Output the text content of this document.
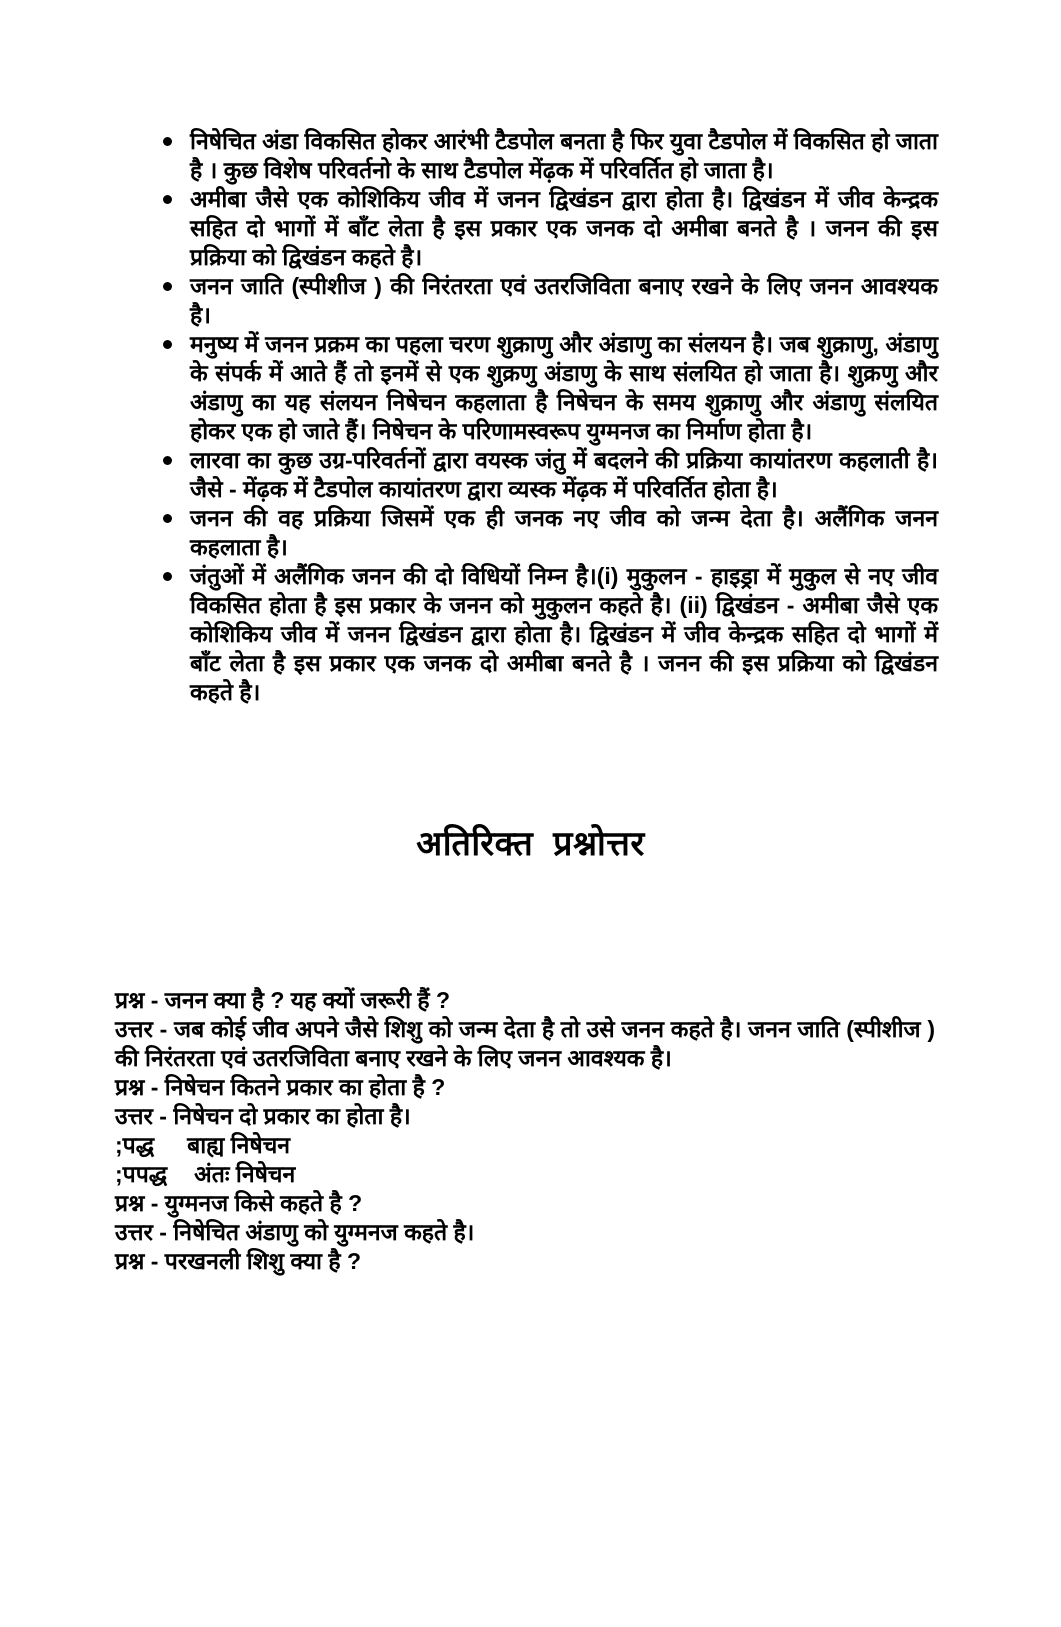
निषेचित अंडा विकसित होकर आरंभी टैडपोल बनता है फिर युवा टैडपोल में विकसित हो जाता है । कुछ विशेष परिवर्तनो के साथ टैडपोल मेंढ़क में परिवर्तित हो जाता है।
अमीबा जैसे एक कोशिकिय जीव में जनन द्विखंडन द्वारा होता है। द्विखंडन में जीव केन्द्रक सहित दो भागों में बाँट लेता है इस प्रकार एक जनक दो अमीबा बनते है । जनन की इस प्रक्रिया को द्विखंडन कहते है।
जनन जाति (स्पीशीज ) की निरंतरता एवं उतरजिविता बनाए रखने के लिए जनन आवश्यक है।
मनुष्य में जनन प्रक्रम का पहला चरण शुक्राणु और अंडाणु का संलयन है। जब शुक्राणु, अंडाणु के संपर्क में आते हैं तो इनमें से एक शुक्रणु अंडाणु के साथ संलयित हो जाता है। शुक्रणु और अंडाणु का यह संलयन निषेचन कहलाता है निषेचन के समय शुक्राणु और अंडाणु संलयित होकर एक हो जाते हैं। निषेचन के परिणामस्वरूप युग्मनज का निर्माण होता है।
लारवा का कुछ उग्र-परिवर्तनों द्वारा वयस्क जंतु में बदलने की प्रक्रिया कायांतरण कहलाती है। जैसे - मेंढ़क में टैडपोल कायांतरण द्वारा व्यस्क मेंढ़क में परिवर्तित होता है।
जनन की वह प्रक्रिया जिसमें एक ही जनक नए जीव को जन्म देता है। अलैंगिक जनन कहलाता है।
जंतुओं में अलैंगिक जनन की दो विधियों निम्न है।(i) मुकुलन - हाइड्रा में मुकुल से नए जीव विकसित होता है इस प्रकार के जनन को मुकुलन कहते है। (ii) द्विखंडन - अमीबा जैसे एक कोशिकिय जीव में जनन द्विखंडन द्वारा होता है। द्विखंडन में जीव केन्द्रक सहित दो भागों में बाँट लेता है इस प्रकार एक जनक दो अमीबा बनते है । जनन की इस प्रक्रिया को द्विखंडन कहते है।
अतिरिक्त प्रश्नोत्तर

प्रश्न - जनन क्या है ? यह क्यों जरूरी हैं ?

उत्तर - जब कोई जीव अपने जैसे शिशु को जन्म देता है तो उसे जनन कहते है। जनन जाति (स्पीशीज ) की निरंतरता एवं उतरजिविता बनाए रखने के लिए जनन आवश्यक है।

प्रश्न - निषेचन कितने प्रकार का होता है ?

उत्तर - निषेचन दो प्रकार का होता है।

;पद्ध बाह्य निषेचन

;पपद्ध अंतः निषेचन

प्रश्न - युग्मनज किसे कहते है ?

उत्तर - निषेचित अंडाणु को युग्मनज कहते है।

प्रश्न - परखनली शिशु क्या है ?
